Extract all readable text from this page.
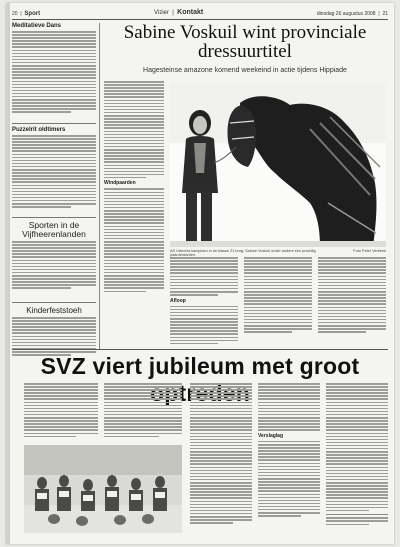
20  |  Sport	Vizier  |  Kontakt	dinsdag 26 augustus 2008  |  21
Meditatieve Dans
Puzzelrit oldtimers
Sporten in de Vijfheerenlanden
Kinderfeststoeh
Sabine Voskuil wint provinciale dressuurtitel
Hagesteinse amazone komend weekeind in actie tijdens Hippiade
Windpaarden
AS Utrechts kampioen in de klasse Z1 brug: Sabine Voskuil onder andere een prachtig paardenkleden.
Foto Peter Verbeek
Afloop
SVZ viert jubileum met groot
Verslaglag
